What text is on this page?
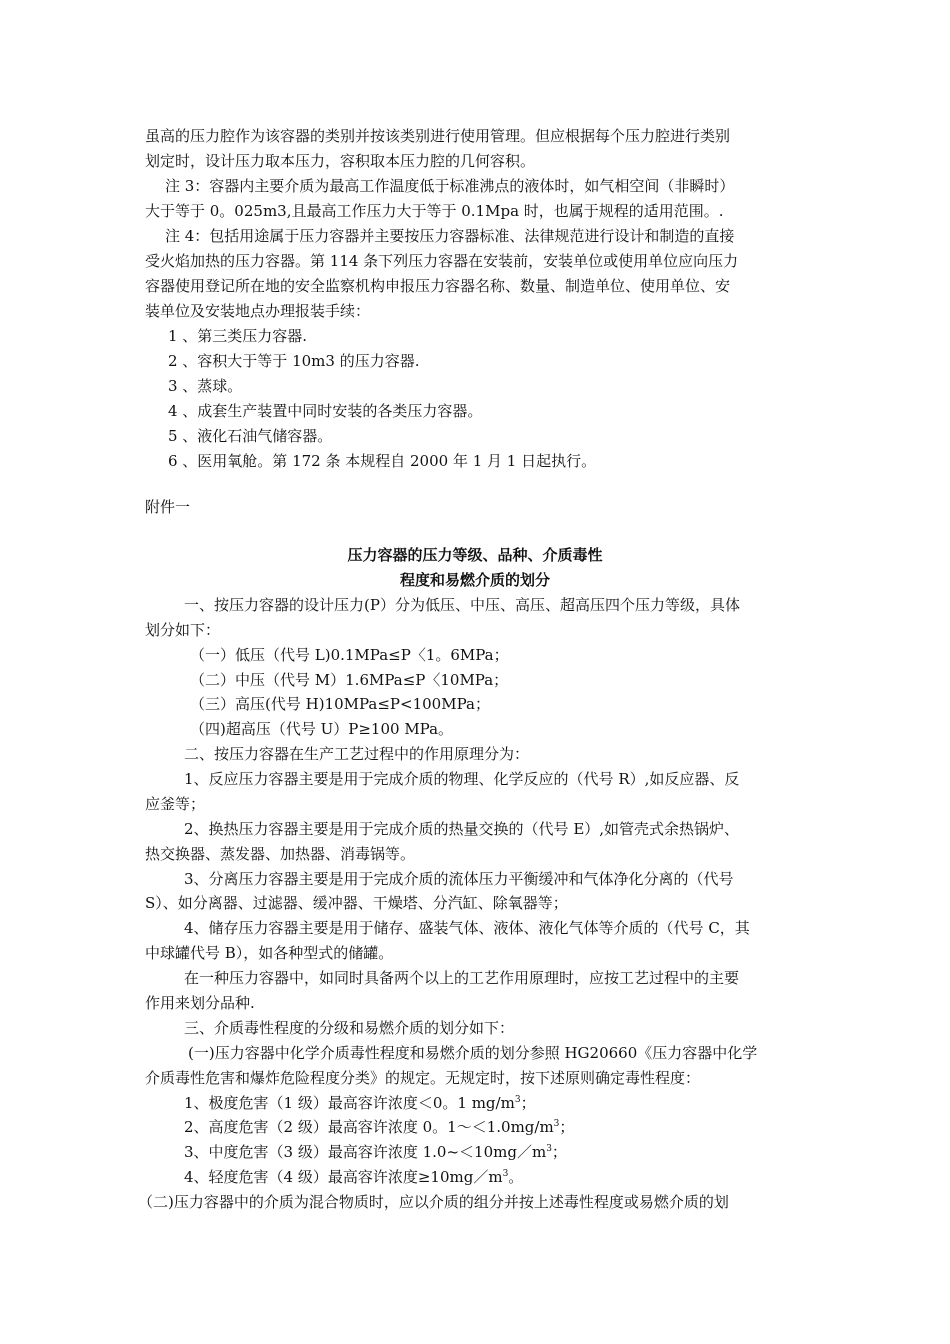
虽高的压力腔作为该容器的类别并按该类别进行使用管理。但应根据每个压力腔进行类别
划定时，设计压力取本压力，容积取本压力腔的几何容积。
注 3：容器内主要介质为最高工作温度低于标准沸点的液体时，如气相空间（非瞬时）
大于等于 0。025m3,且最高工作压力大于等于 0.1Mpa 时，也属于规程的适用范围。.
注 4：包括用途属于压力容器并主要按压力容器标准、法律规范进行设计和制造的直接
受火焰加热的压力容器。第 114 条下列压力容器在安装前，安装单位或使用单位应向压力
容器使用登记所在地的安全监察机构申报压力容器名称、数量、制造单位、使用单位、安
装单位及安装地点办理报装手续：
1 、第三类压力容器.
2 、容积大于等于 10m3 的压力容器.
3 、蒸球。
4 、成套生产装置中同时安装的各类压力容器。
5 、液化石油气储容器。
6 、医用氧舱。第 172 条 本规程自 2000 年 1 月 1 日起执行。
附件一
压力容器的压力等级、品种、介质毒性
程度和易燃介质的划分
一、按压力容器的设计压力(P）分为低压、中压、高压、超高压四个压力等级，具体
划分如下：
（一）低压（代号 L)0.1MPa≤P〈1。6MPa；
（二）中压（代号 M）1.6MPa≤P〈10MPa；
（三）高压(代号 H)10MPa≤P<100MPa；
（四)超高压（代号 U）P≥100 MPa。
二、按压力容器在生产工艺过程中的作用原理分为：
1、反应压力容器主要是用于完成介质的物理、化学反应的（代号 R）,如反应器、反
应釜等；
2、换热压力容器主要是用于完成介质的热量交换的（代号 E）,如管壳式余热锅炉、
热交换器、蒸发器、加热器、消毒锅等。
3、分离压力容器主要是用于完成介质的流体压力平衡缓冲和气体净化分离的（代号
S）、如分离器、过滤器、缓冲器、干燥塔、分汽缸、除氧器等；
4、储存压力容器主要是用于储存、盛装气体、液体、液化气体等介质的（代号 C，其
中球罐代号 B），如各种型式的储罐。
在一种压力容器中，如同时具备两个以上的工艺作用原理时，应按工艺过程中的主要
作用来划分品种.
三、介质毒性程度的分级和易燃介质的划分如下：
(一)压力容器中化学介质毒性程度和易燃介质的划分参照 HG20660《压力容器中化学
介质毒性危害和爆炸危险程度分类》的规定。无规定时，按下述原则确定毒性程度：
1、极度危害（1 级）最高容许浓度＜0。1 $mg/m^3$；
2、高度危害（2 级）最高容许浓度 0。$1\sim<1.0mg/m^3$；
3、中度危害（3 级）最高容许浓度 $1.0\sim<10mg/m^3$；
4、轻度危害（4 级）最高容许浓度$\ge 10mg/m^3$。
（二)压力容器中的介质为混合物质时，应以介质的组分并按上述毒性程度或易燃介质的划
